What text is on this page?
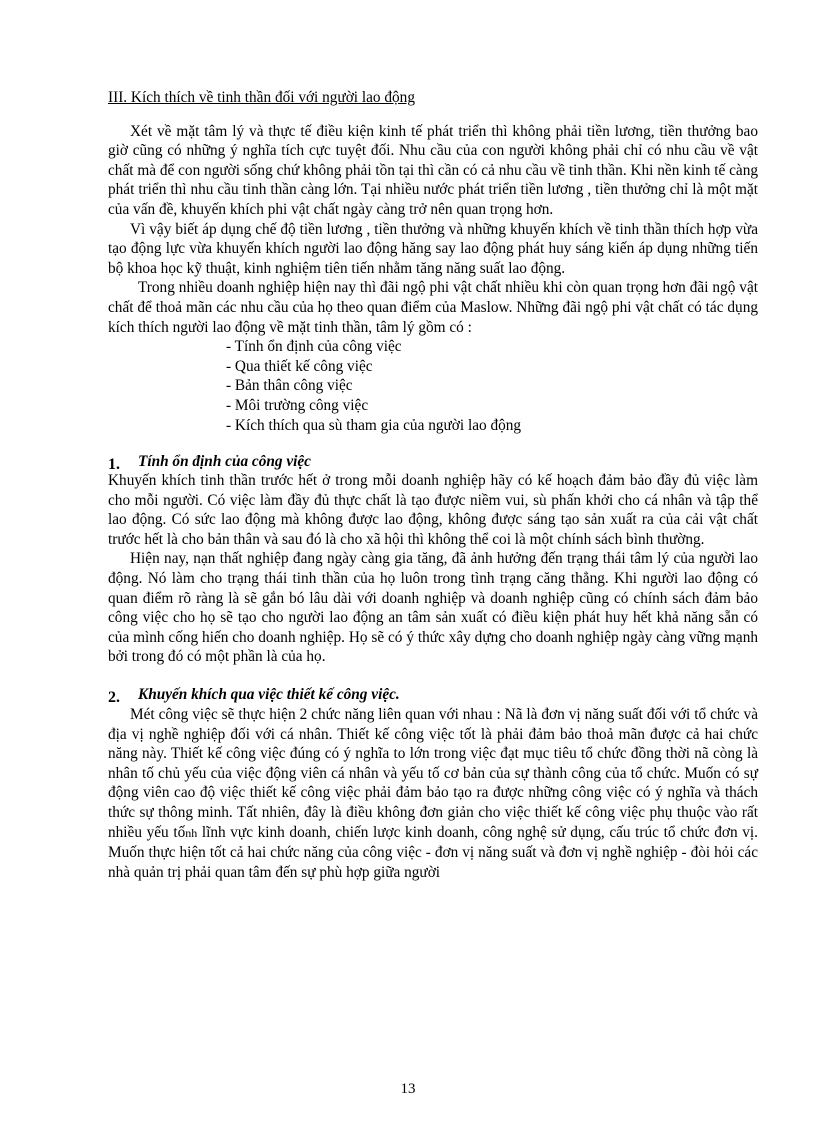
III. Kích thích về tinh thần đối với người lao động

Xét về mặt tâm lý và thực tế điều kiện kinh tế phát triển thì không phải tiền lương, tiền thưởng bao giờ cũng có những ý nghĩa tích cực tuyệt đối. Nhu cầu của con người không phải chỉ có nhu cầu về vật chất mà để con người sống chứ không phải tồn tại thì cần có cả nhu cầu về tinh thần. Khi nền kinh tế càng phát triển thì nhu cầu tinh thần càng lớn. Tại nhiều nước phát triển tiền lương , tiền thưởng chỉ là một mặt của vấn đề, khuyến khích phi vật chất ngày càng trở nên quan trọng hơn.

Vì vậy biết áp dụng chế độ tiền lương , tiền thưởng và những khuyến khích về tinh thần thích hợp vừa tạo động lực vừa khuyến khích người lao động hăng say lao động phát huy sáng kiến áp dụng những tiến bộ khoa học kỹ thuật, kinh nghiệm tiên tiến nhằm tăng năng suất lao động.

Trong nhiều doanh nghiệp hiện nay thì đãi ngộ phi vật chất nhiều khi còn quan trọng hơn đãi ngộ vật chất để thoả mãn các nhu cầu của họ theo quan điểm của Maslow. Những đãi ngộ phi vật chất có tác dụng kích thích người lao động về mặt tinh thần, tâm lý gồm có :

- Tính ổn định của công việc
- Qua thiết kế công việc
- Bản thân công việc
- Môi trường công việc
- Kích thích qua sù tham gia của người lao động
1.	Tính ổn định của công việc

Khuyến khích tinh thần trước hết ở trong mỗi doanh nghiệp hãy có kế hoạch đảm bảo đầy đủ việc làm cho mỗi người. Có việc làm đầy đủ thực chất là tạo được niềm vui, sù phấn khởi cho cá nhân và tập thể lao động. Có sức lao động mà không được lao động, không được sáng tạo sản xuất ra của cải vật chất trước hết là cho bản thân và sau đó là cho xã hội thì không thể coi là một chính sách bình thường.

Hiện nay, nạn thất nghiệp đang ngày càng gia tăng, đã ảnh hưởng đến trạng thái tâm lý của người lao động. Nó làm cho trạng thái tinh thần của họ luôn trong tình trạng căng thẳng. Khi người lao động có quan điểm rõ ràng là sẽ gắn bó lâu dài với doanh nghiệp và doanh nghiệp cũng có chính sách đảm bảo công việc cho họ sẽ tạo cho người lao động an tâm sản xuất có điều kiện phát huy hết khả năng sẵn có của mình cống hiến cho doanh nghiệp. Họ sẽ có ý thức xây dựng cho doanh nghiệp ngày càng vững mạnh bởi trong đó có một phần là của họ.

2.	Khuyến khích qua việc thiết kế công việc.

Mét công việc sẽ thực hiện 2 chức năng liên quan với nhau : Nã là đơn vị năng suất đối với tổ chức và địa vị nghề nghiệp đối với cá nhân. Thiết kế công việc tốt là phải đảm bảo thoả mãn được cả hai chức năng này. Thiết kế công việc đúng có ý nghĩa to lớn trong việc đạt mục tiêu tổ chức đồng thời nã còng là nhân tố chủ yếu của việc động viên cá nhân và yếu tố cơ bản của sự thành công của tổ chức. Muốn có sự động viên cao độ việc thiết kế công việc phải đảm bảo tạo ra được những công việc có ý nghĩa và thách thức sự thông minh. Tất nhiên, đây là điều không đơn giản cho việc thiết kế công việc phụ thuộc vào rất nhiều yếu tốnh lĩnh vực kinh doanh, chiến lược kinh doanh, công nghệ sử dụng, cấu trúc tổ chức đơn vị. Muốn thực hiện tốt cả hai chức năng của công việc - đơn vị năng suất và đơn vị nghề nghiệp - đòi hỏi các nhà quản trị phải quan tâm đến sự phù hợp giữa người

13
